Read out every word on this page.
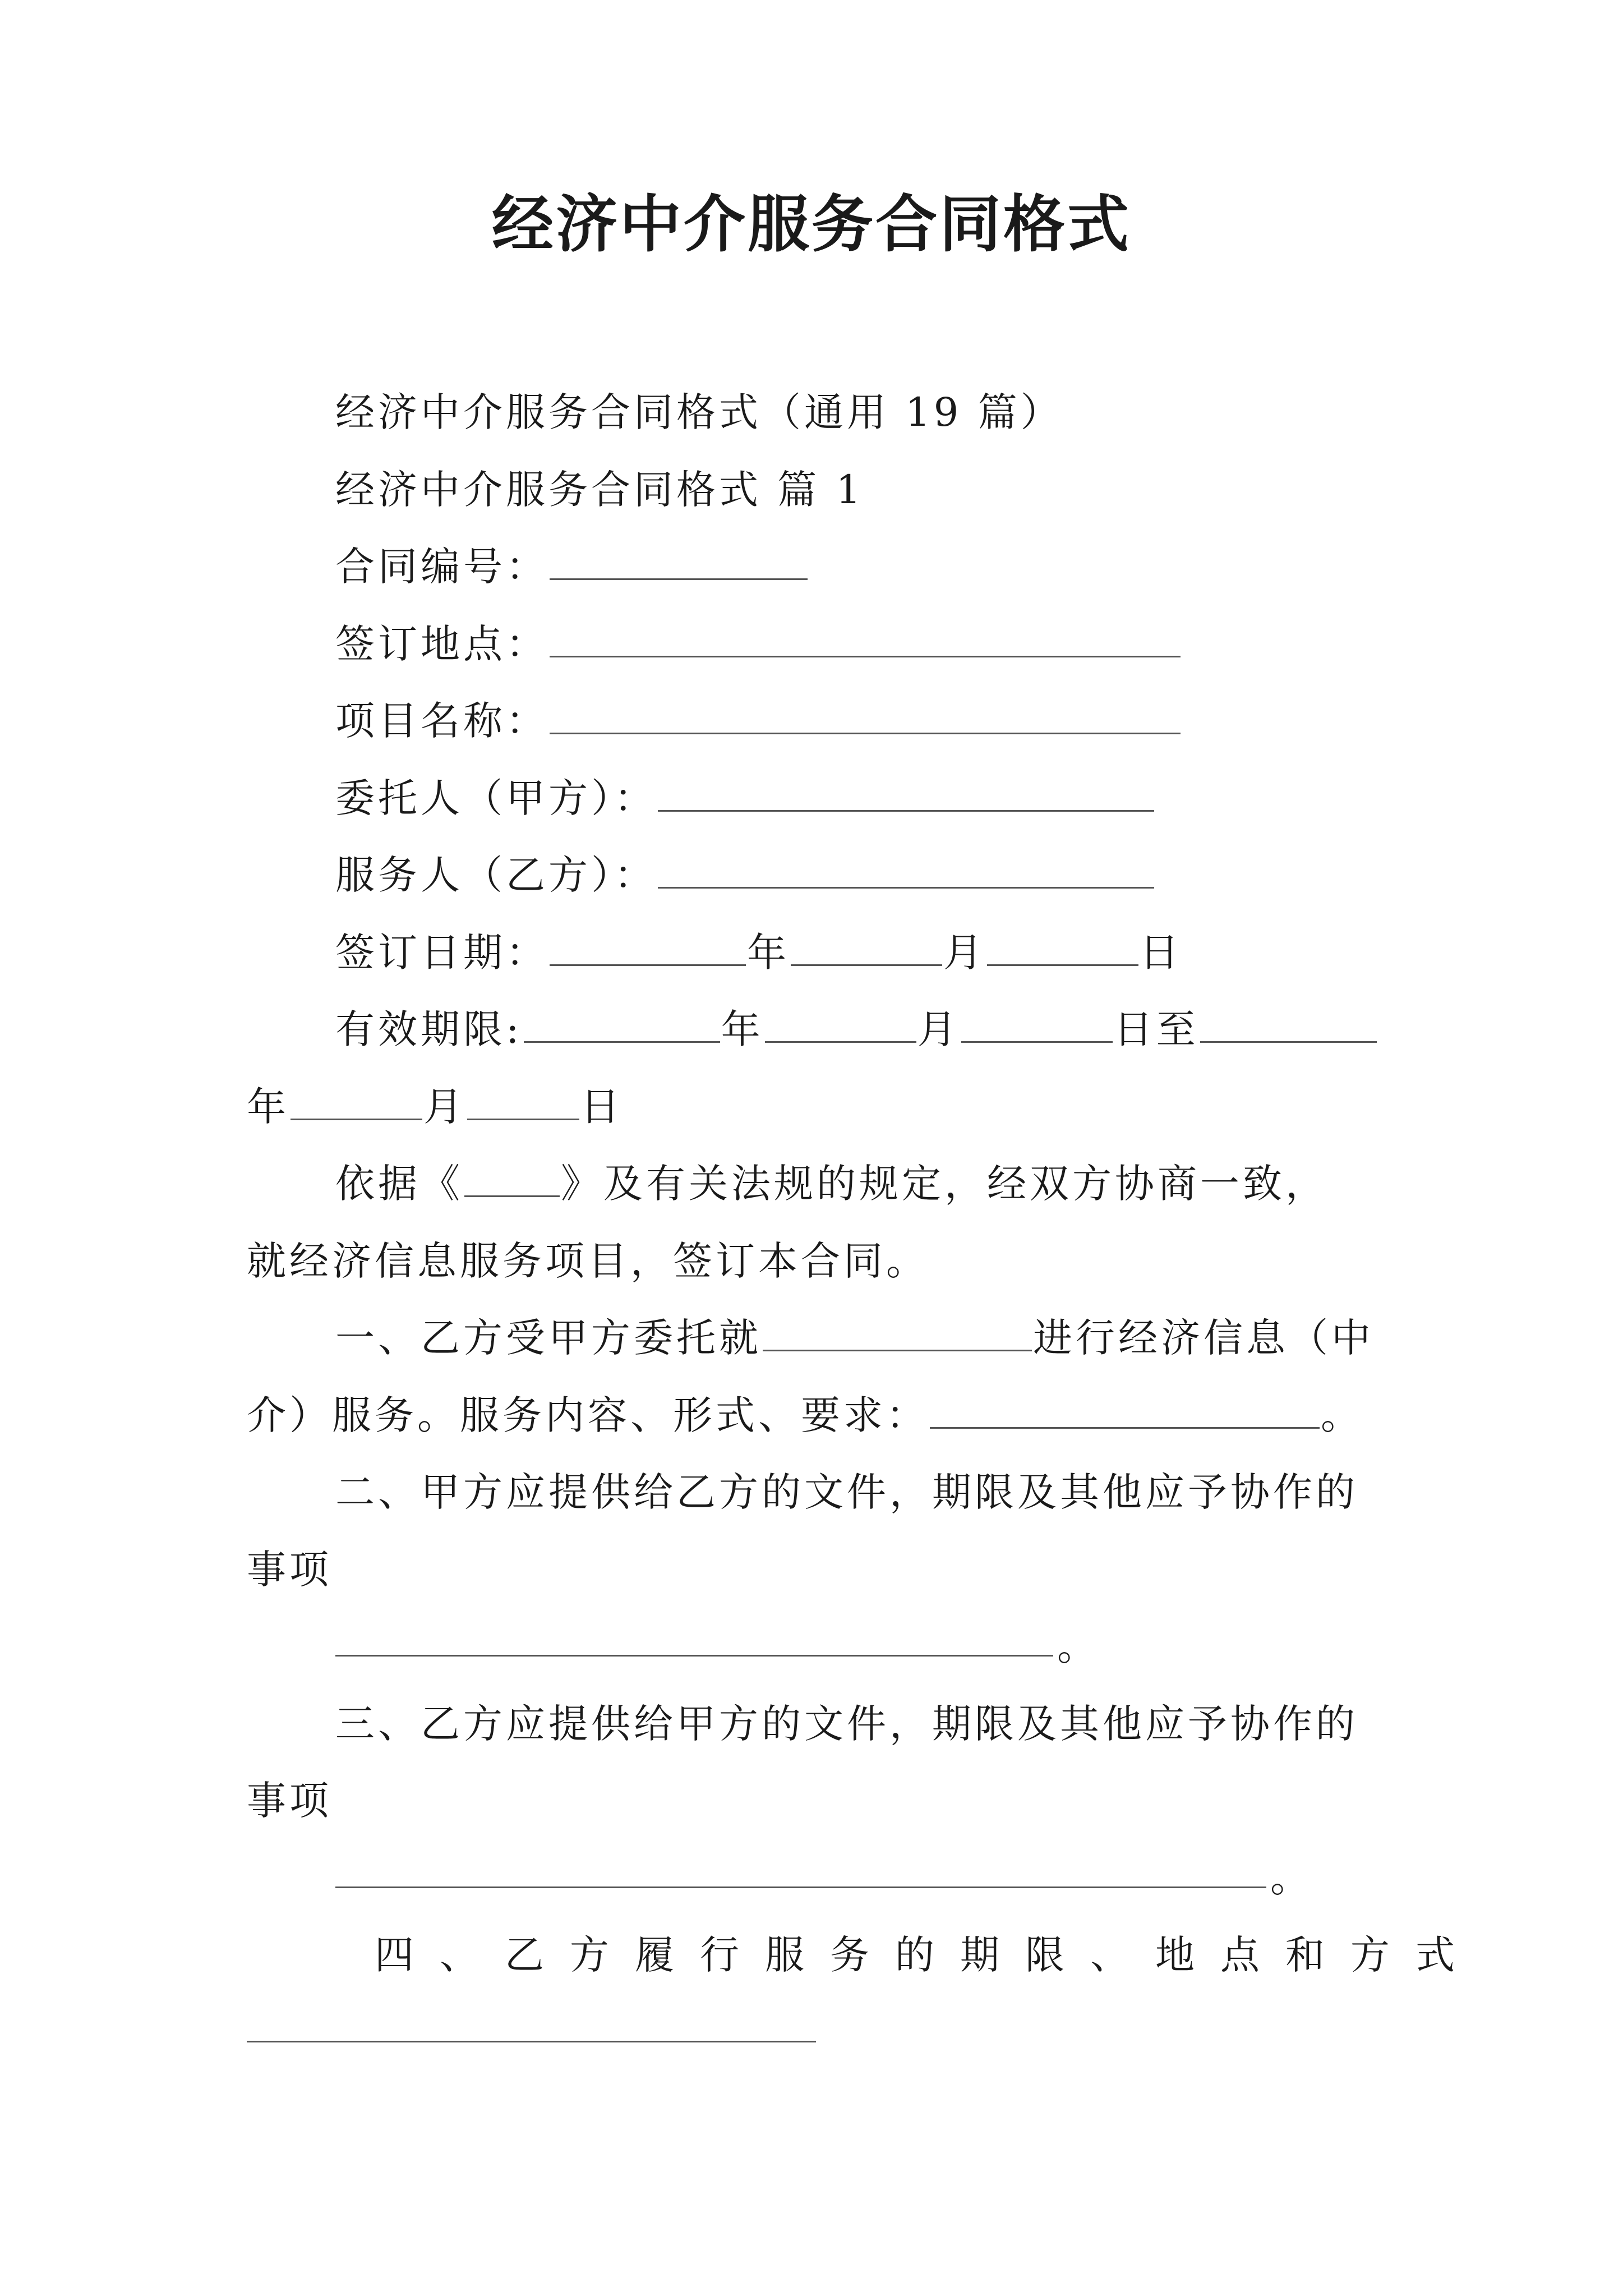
经济中介服务合同格式
经济中介服务合同格式（通用 19 篇）
经济中介服务合同格式 篇 1
合同编号：
签订地点：
项目名称：
委托人（甲方）：
服务人（乙方）：
签订日期：	年	月	日
有效期限:	年	月	日至
年	月	日
依据《 》及有关法规的规定，经双方协商一致，
就经济信息服务项目，签订本合同。
一、乙方受甲方委托就	进行经济信息（中
介）服务。服务内容、形式、要求：	。
二、甲方应提供给乙方的文件，期限及其他应予协作的
事项
。
三、乙方应提供给甲方的文件，期限及其他应予协作的
事项
。
四、乙方履行服务的期限、地点和方式
